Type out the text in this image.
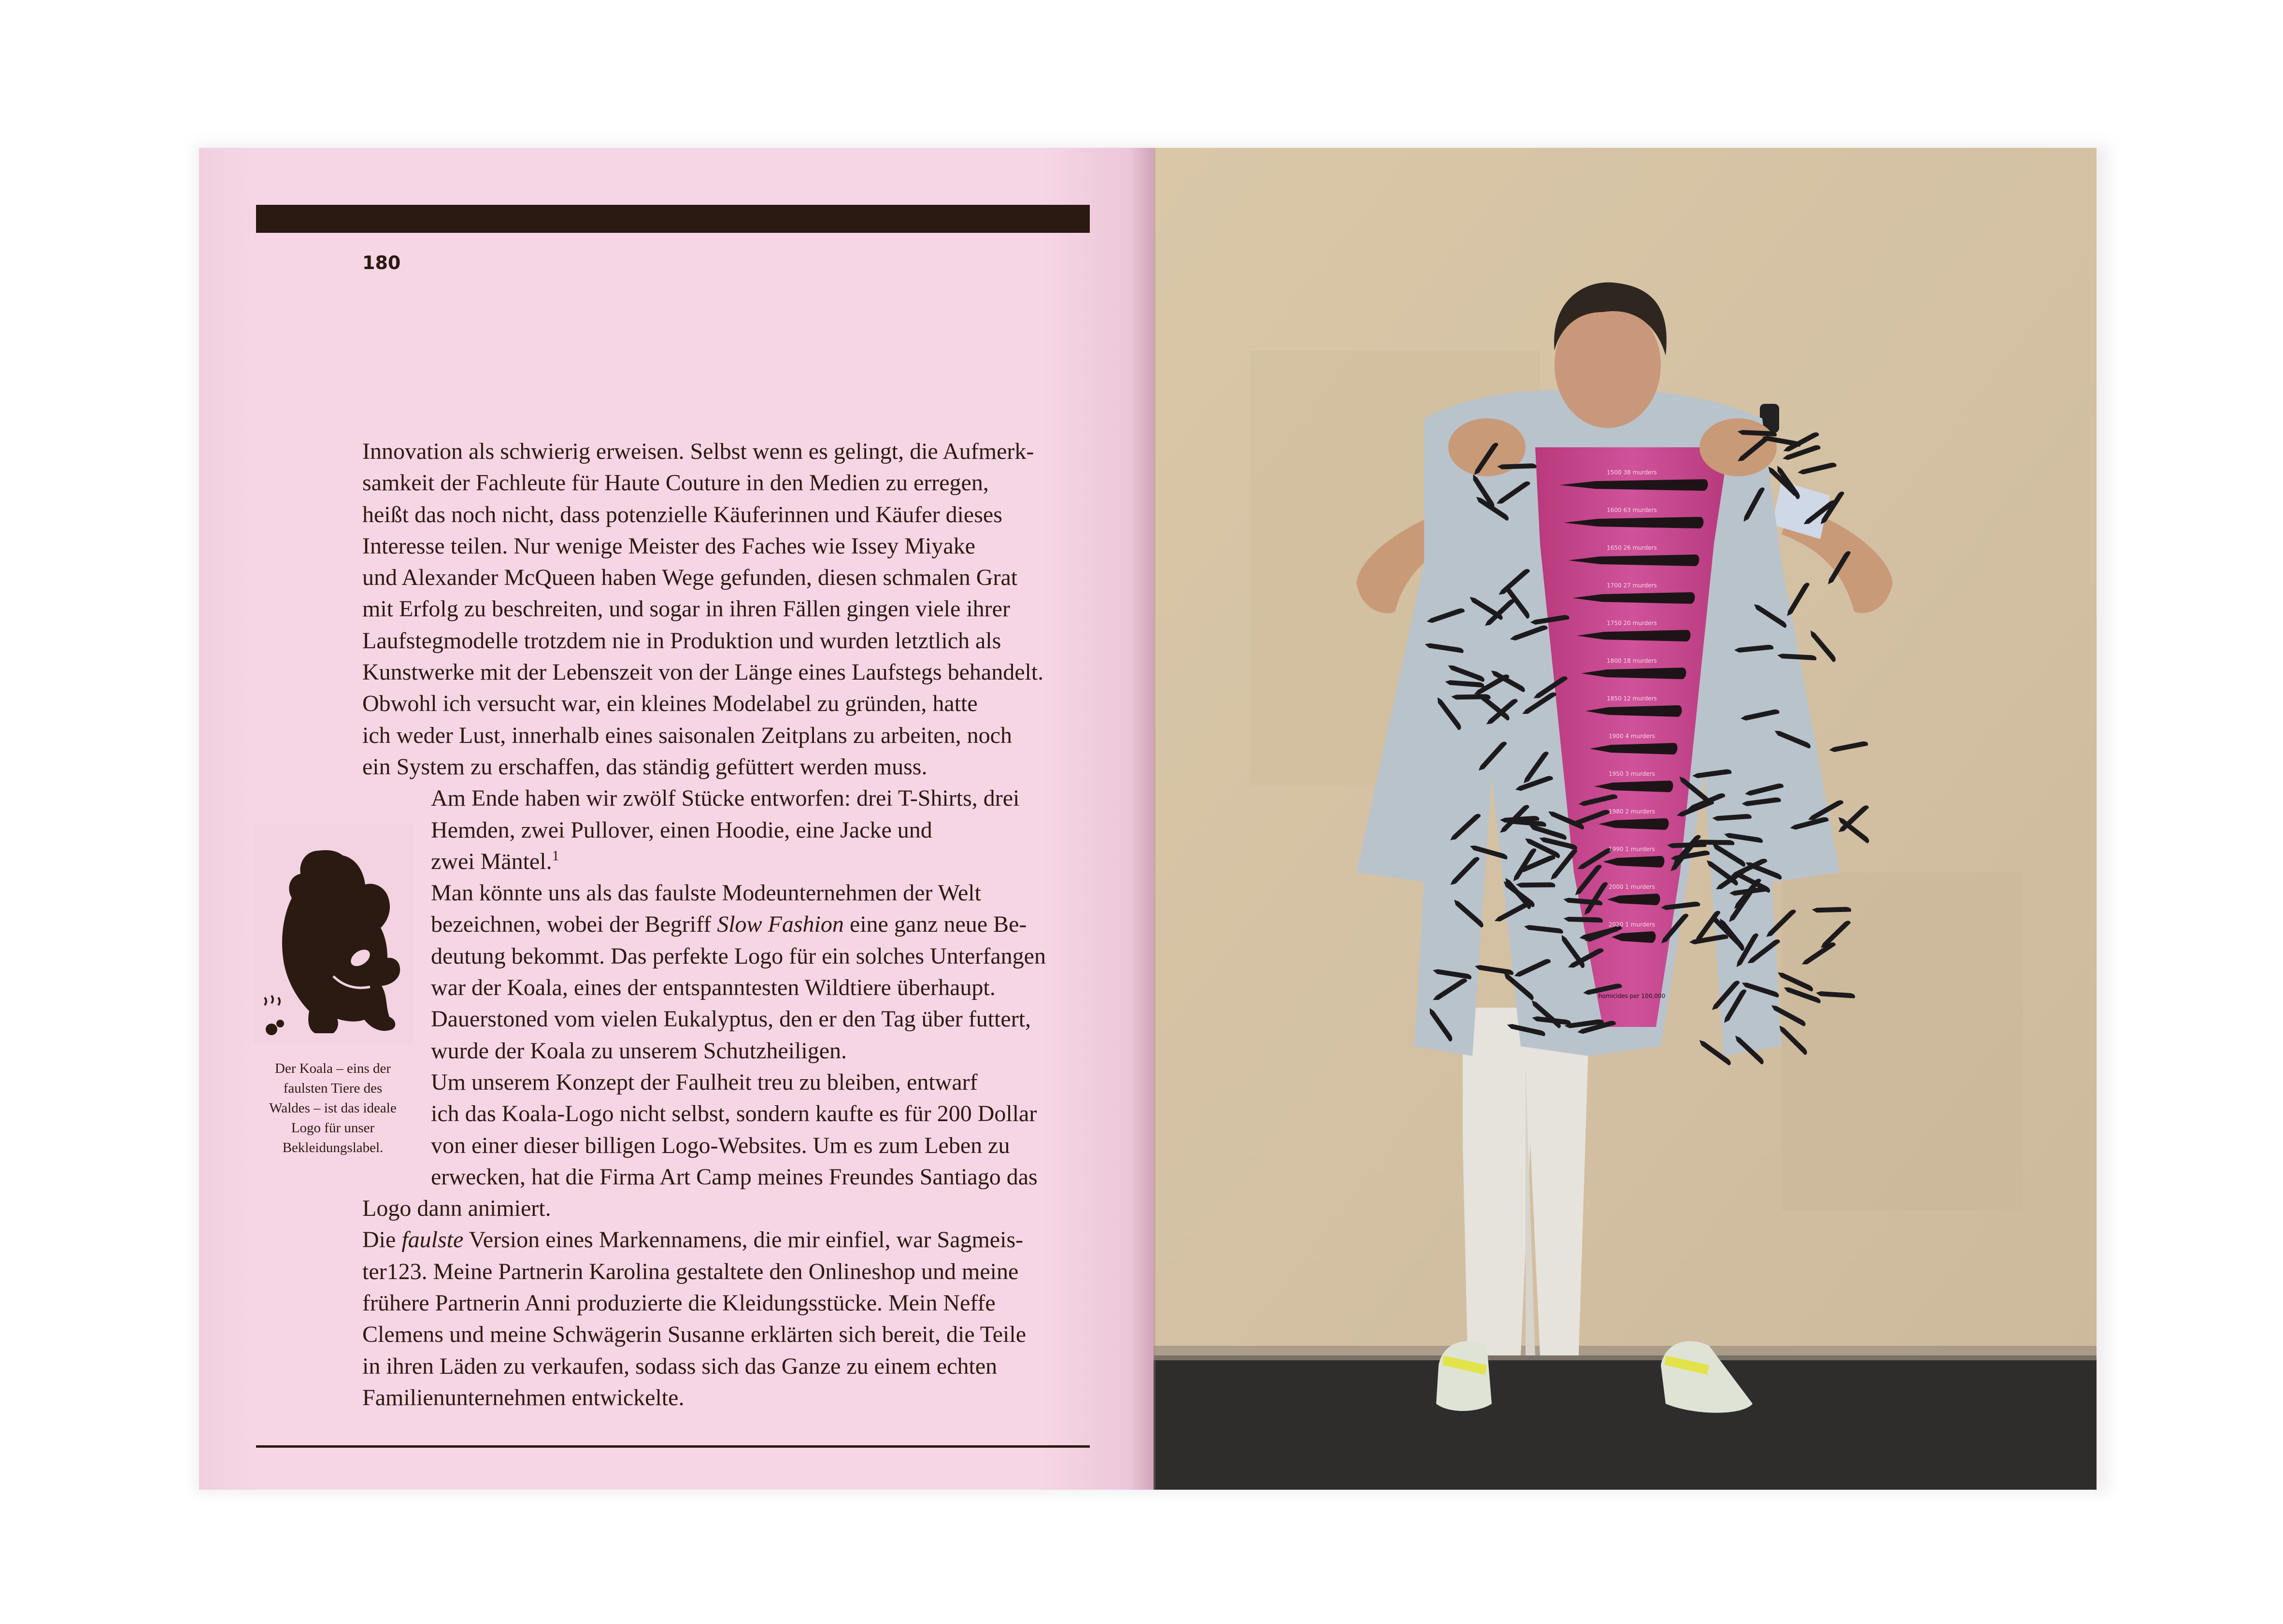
180
Innovation als schwierig erweisen. Selbst wenn es gelingt, die Aufmerk-
samkeit der Fachleute für Haute Couture in den Medien zu erregen,
heißt das noch nicht, dass potenzielle Käuferinnen und Käufer dieses
Interesse teilen. Nur wenige Meister des Faches wie Issey Miyake
und Alexander McQueen haben Wege gefunden, diesen schmalen Grat
mit Erfolg zu beschreiten, und sogar in ihren Fällen gingen viele ihrer
Laufstegmodelle trotzdem nie in Produktion und wurden letztlich als
Kunstwerke mit der Lebenszeit von der Länge eines Laufstegs behandelt.
Obwohl ich versucht war, ein kleines Modelabel zu gründen, hatte
ich weder Lust, innerhalb eines saisonalen Zeitplans zu arbeiten, noch
ein System zu erschaffen, das ständig gefüttert werden muss.
Am Ende haben wir zwölf Stücke entworfen: drei T-Shirts, drei
Hemden, zwei Pullover, einen Hoodie, eine Jacke und
zwei Mäntel.$^1$
Man könnte uns als das faulste Modeunternehmen der Welt
bezeichnen, wobei der Begriff Slow Fashion eine ganz neue Be-
deutung bekommt. Das perfekte Logo für ein solches Unterfangen
war der Koala, eines der entspanntesten Wildtiere überhaupt.
Dauerstoned vom vielen Eukalyptus, den er den Tag über futtert,
wurde der Koala zu unserem Schutzheiligen.
Um unserem Konzept der Faulheit treu zu bleiben, entwarf
ich das Koala-Logo nicht selbst, sondern kaufte es für 200 Dollar
von einer dieser billigen Logo-Websites. Um es zum Leben zu
erwecken, hat die Firma Art Camp meines Freundes Santiago das
Logo dann animiert.
Die faulste Version eines Markennamens, die mir einfiel, war Sagmeis-
ter123. Meine Partnerin Karolina gestaltete den Onlineshop und meine
frühere Partnerin Anni produzierte die Kleidungsstücke. Mein Neffe
Clemens und meine Schwägerin Susanne erklärten sich bereit, die Teile
in ihren Läden zu verkaufen, sodass sich das Ganze zu einem echten
Familienunternehmen entwickelte.
Der Koala – eins der
faulsten Tiere des
Waldes – ist das ideale
Logo für unser
Bekleidungslabel.
1500 38 murders
1600 63 murders
1650 26 murders
1700 27 murders
1750 20 murders
1800 18 murders
1850 12 murders
1900 4 murders
1950 3 murders
1980 2 murders
1990 1 murders
2000 1 murders
2020 1 murders
homicides per 100,000
